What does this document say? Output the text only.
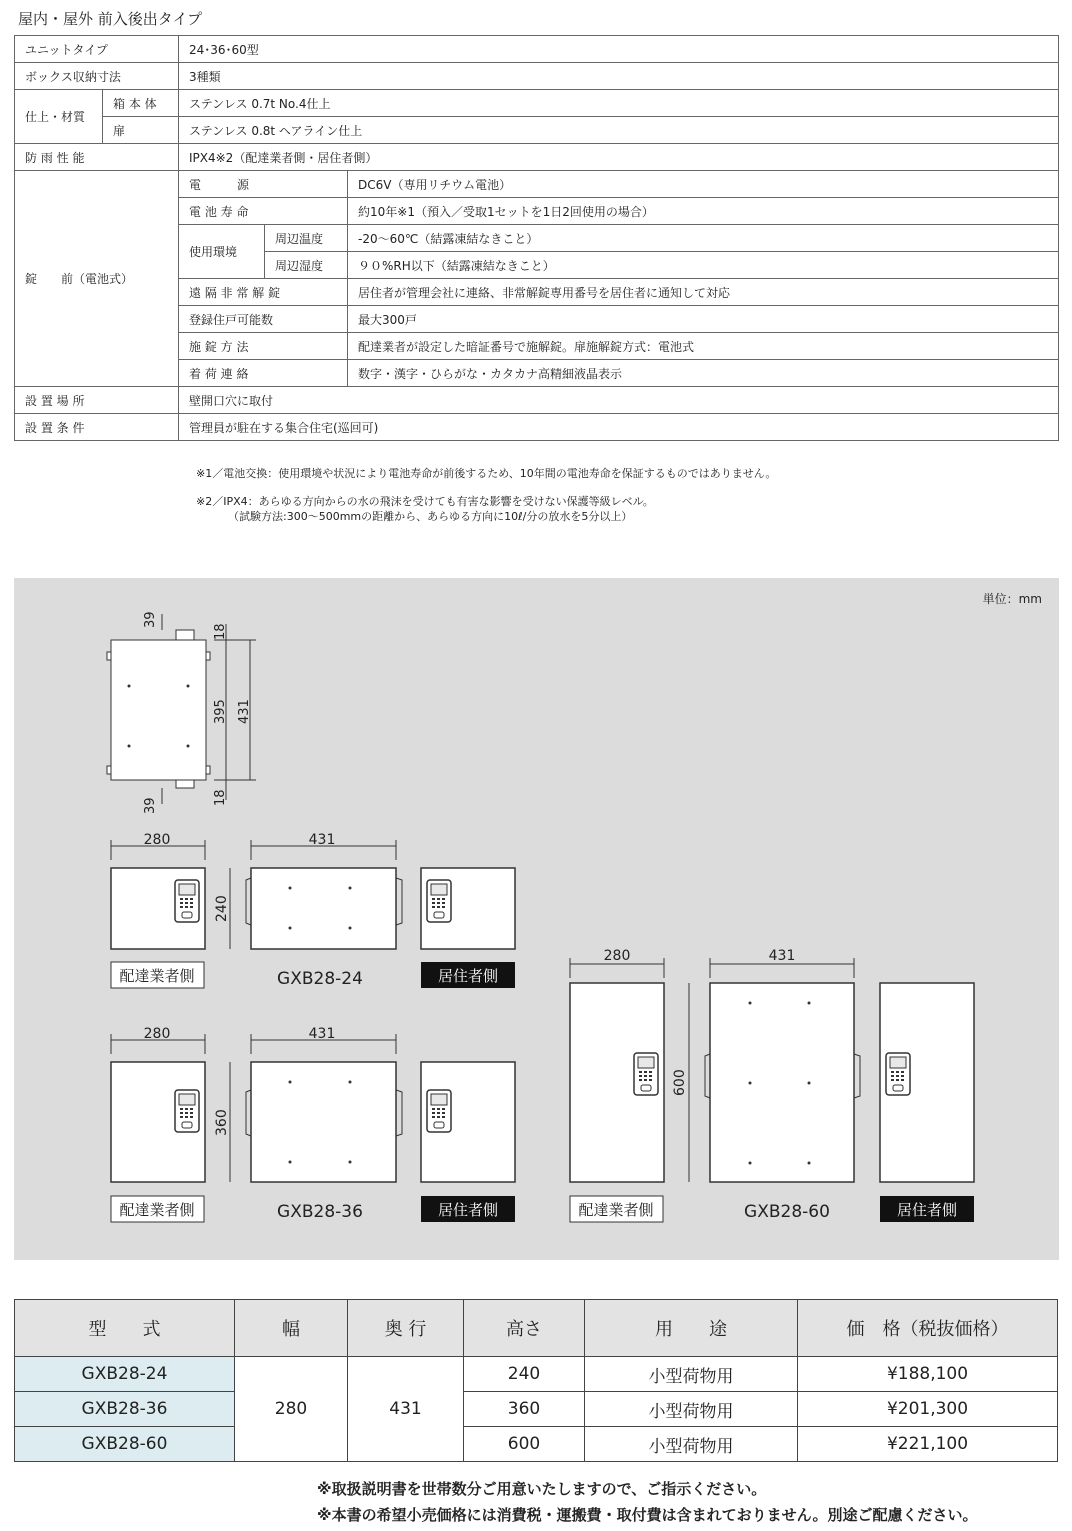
屋内・屋外 前入後出タイプ
ユニットタイプ		24･36･60型		
ボックス収納寸法		3種類		
仕上・材質	箱 本 体	ステンレス 0.7t No.4仕上		
	扉	ステンレス 0.8t ヘアライン仕上		
防 雨 性 能		IPX4※2（配達業者側・居住者側）		
錠　　前（電池式）		電　　　源		DC6V（専用リチウム電池）
		電 池 寿 命		約10年※1（預入／受取1セットを1日2回使用の場合）
		使用環境	周辺温度	-20～60℃（結露凍結なきこと）
			周辺湿度	９０%RH以下（結露凍結なきこと）
		遠 隔 非 常 解 錠		居住者が管理会社に連絡、非常解錠専用番号を居住者に通知して対応
		登録住戸可能数		最大300戸
		施 錠 方 法		配達業者が設定した暗証番号で施解錠。扉施解錠方式：電池式
		着 荷 連 絡		数字・漢字・ひらがな・カタカナ高精細液晶表示
設 置 場 所		壁開口穴に取付		
設 置 条 件		管理員が駐在する集合住宅(巡回可)		
※1／電池交換：使用環境や状況により電池寿命が前後するため、10年間の電池寿命を保証するものではありません。
※2／IPX4：あらゆる方向からの水の飛沫を受けても有害な影響を受けない保護等級レベル。
（試験方法:300～500mmの距離から、あらゆる方向に10ℓ/分の放水を5分以上）
単位：mm
39
39
18
18
395 431
280	431
240
配達業者側	GXB28-24	居住者側
280	431
360
配達業者側	GXB28-36	居住者側
280	431
600
配達業者側	GXB28-60	居住者側
型　　式	幅	奥 行	高さ	用　　途	価　格（税抜価格）
GXB28-24	280	431	240	小型荷物用	¥188,100
GXB28-36			360	小型荷物用	¥201,300
GXB28-60			600	小型荷物用	¥221,100
※取扱説明書を世帯数分ご用意いたしますので、ご指示ください。
※本書の希望小売価格には消費税・運搬費・取付費は含まれておりません。別途ご配慮ください。
